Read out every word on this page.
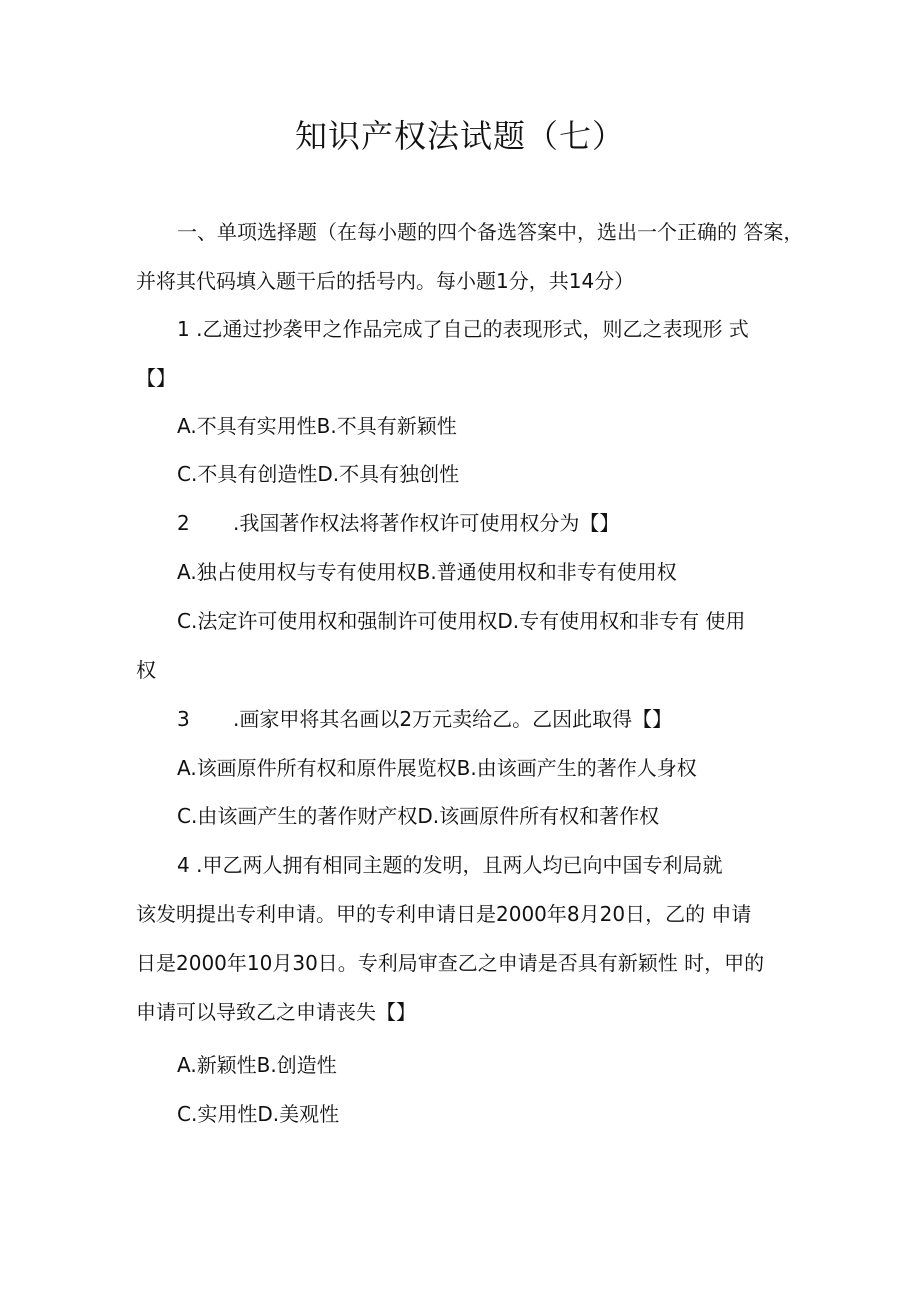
知识产权法试题（七）
一、单项选择题（在每小题的四个备选答案中，选出一个正确的 答案，
并将其代码填入题干后的括号内。每小题1分，共14分）
1 .乙通过抄袭甲之作品完成了自己的表现形式，则乙之表现形 式
【】
A.不具有实用性B.不具有新颖性
C.不具有创造性D.不具有独创性
2 .我国著作权法将著作权许可使用权分为【】
A.独占使用权与专有使用权B.普通使用权和非专有使用权
C.法定许可使用权和强制许可使用权D.专有使用权和非专有 使用
权
3 .画家甲将其名画以2万元卖给乙。乙因此取得【】
A.该画原件所有权和原件展览权B.由该画产生的著作人身权
C.由该画产生的著作财产权D.该画原件所有权和著作权
4 .甲乙两人拥有相同主题的发明，且两人均已向中国专利局就
该发明提出专利申请。甲的专利申请日是2000年8月20日，乙的 申请
日是2000年10月30日。专利局审查乙之申请是否具有新颖性 时，甲的
申请可以导致乙之申请丧失【】
A.新颖性B.创造性
C.实用性D.美观性
